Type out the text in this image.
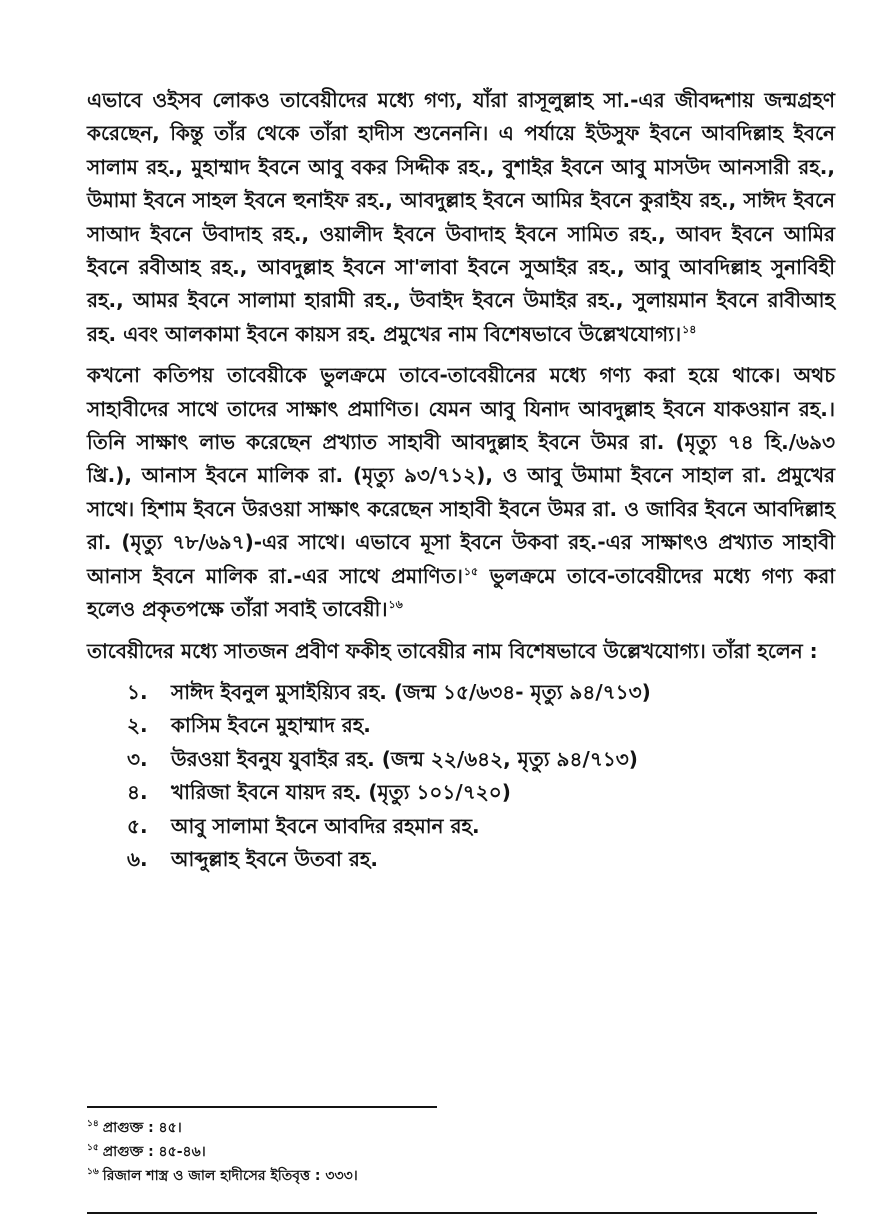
এভাবে ওইসব লোকও তাবেয়ীদের মধ্যে গণ্য, যাঁরা রাসূলুল্লাহ সা.-এর জীবদ্দশায় জন্মগ্রহণ করেছেন, কিন্তু তাঁর থেকে তাঁরা হাদীস শুনেননি। এ পর্যায়ে ইউসুফ ইবনে আবদিল্লাহ ইবনে সালাম রহ., মুহাম্মাদ ইবনে আবু বকর সিদ্দীক রহ., বুশাইর ইবনে আবু মাসউদ আনসারী রহ., উমামা ইবনে সাহল ইবনে হুনাইফ রহ., আবদুল্লাহ ইবনে আমির ইবনে কুরাইয রহ., সাঈদ ইবনে সাআদ ইবনে উবাদাহ রহ., ওয়ালীদ ইবনে উবাদাহ ইবনে সামিত রহ., আবদ ইবনে আমির ইবনে রবীআহ রহ., আবদুল্লাহ ইবনে সা'লাবা ইবনে সুআইর রহ., আবু আবদিল্লাহ সুনাবিহী রহ., আমর ইবনে সালামা হারামী রহ., উবাইদ ইবনে উমাইর রহ., সুলায়মান ইবনে রাবীআহ রহ. এবং আলকামা ইবনে কায়স রহ. প্রমুখের নাম বিশেষভাবে উল্লেখযোগ্য।$^{১৪}$

কখনো কতিপয় তাবেয়ীকে ভুলক্রমে তাবে-তাবেয়ীনের মধ্যে গণ্য করা হয়ে থাকে। অথচ সাহাবীদের সাথে তাদের সাক্ষাৎ প্রমাণিত। যেমন আবু যিনাদ আবদুল্লাহ ইবনে যাকওয়ান রহ.। তিনি সাক্ষাৎ লাভ করেছেন প্রখ্যাত সাহাবী আবদুল্লাহ ইবনে উমর রা. (মৃত্যু ৭৪ হি./৬৯৩ খ্রি.), আনাস ইবনে মালিক রা. (মৃত্যু ৯৩/৭১২), ও আবু উমামা ইবনে সাহাল রা. প্রমুখের সাথে। হিশাম ইবনে উরওয়া সাক্ষাৎ করেছেন সাহাবী ইবনে উমর রা. ও জাবির ইবনে আবদিল্লাহ রা. (মৃত্যু ৭৮/৬৯৭)-এর সাথে। এভাবে মূসা ইবনে উকবা রহ.-এর সাক্ষাৎও প্রখ্যাত সাহাবী আনাস ইবনে মালিক রা.-এর সাথে প্রমাণিত।$^{১৫}$ ভুলক্রমে তাবে-তাবেয়ীদের মধ্যে গণ্য করা হলেও প্রকৃতপক্ষে তাঁরা সবাই তাবেয়ী।$^{১৬}$

তাবেয়ীদের মধ্যে সাতজন প্রবীণ ফকীহ তাবেয়ীর নাম বিশেষভাবে উল্লেখযোগ্য। তাঁরা হলেন :

১. সাঈদ ইবনুল মুসাইয়্যিব রহ. (জন্ম ১৫/৬৩৪- মৃত্যু ৯৪/৭১৩)
২. কাসিম ইবনে মুহাম্মাদ রহ.
৩. উরওয়া ইবনুয যুবাইর রহ. (জন্ম ২২/৬৪২, মৃত্যু ৯৪/৭১৩)
৪. খারিজা ইবনে যায়দ রহ. (মৃত্যু ১০১/৭২০)
৫. আবু সালামা ইবনে আবদির রহমান রহ.
৬. আব্দুল্লাহ ইবনে উতবা রহ.
$^{১৪}$ প্রাগুক্ত : ৪৫।
$^{১৫}$ প্রাগুক্ত : ৪৫-৪৬।
$^{১৬}$ রিজাল শাস্ত্র ও জাল হাদীসের ইতিবৃত্ত : ৩৩৩।
